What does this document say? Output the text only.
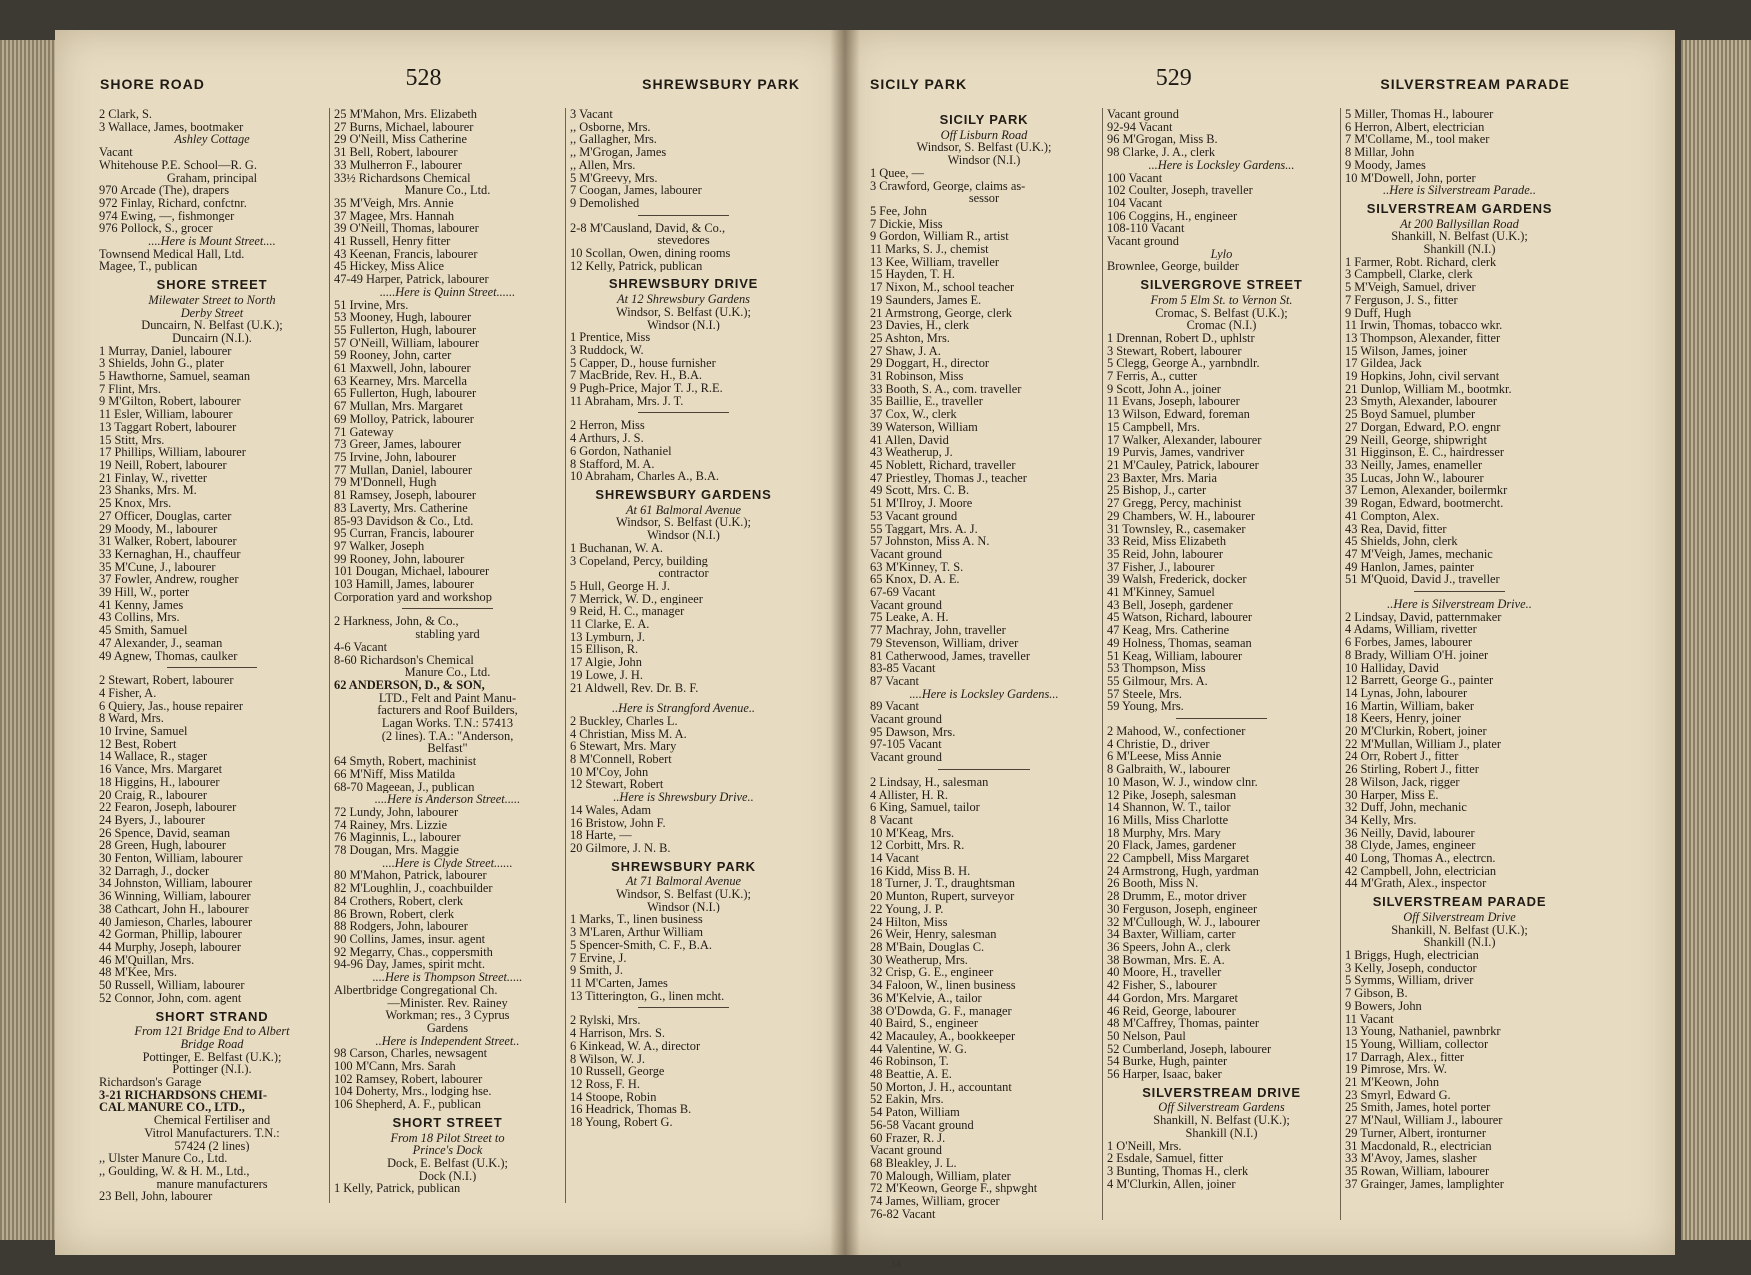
SHORE ROAD	528	SHREWSBURY PARK	SICILY PARK	529	SILVERSTREAM PARADE
2 Clark, S.
3 Wallace, James, bootmaker
Ashley Cottage
Vacant
Whitehouse P.E. School—R. G.
Graham, principal
970 Arcade (The), drapers
972 Finlay, Richard, confctnr.
974 Ewing, —, fishmonger
976 Pollock, S., grocer
....Here is Mount Street....
Townsend Medical Hall, Ltd.
Magee, T., publican
SHORE STREET
Milewater Street to North
Derby Street
Duncairn, N. Belfast (U.K.);
Duncairn (N.I.).
1 Murray, Daniel, labourer
3 Shields, John G., plater
5 Hawthorne, Samuel, seaman
7 Flint, Mrs.
9 M'Gilton, Robert, labourer
11 Esler, William, labourer
13 Taggart Robert, labourer
15 Stitt, Mrs.
17 Phillips, William, labourer
19 Neill, Robert, labourer
21 Finlay, W., rivetter
23 Shanks, Mrs. M.
25 Knox, Mrs.
27 Officer, Douglas, carter
29 Moody, M., labourer
31 Walker, Robert, labourer
33 Kernaghan, H., chauffeur
35 M'Cune, J., labourer
37 Fowler, Andrew, rougher
39 Hill, W., porter
41 Kenny, James
43 Collins, Mrs.
45 Smith, Samuel
47 Alexander, J., seaman
49 Agnew, Thomas, caulker
2 Stewart, Robert, labourer
4 Fisher, A.
6 Quiery, Jas., house repairer
8 Ward, Mrs.
10 Irvine, Samuel
12 Best, Robert
14 Wallace, R., stager
16 Vance, Mrs. Margaret
18 Higgins, H., labourer
20 Craig, R., labourer
22 Fearon, Joseph, labourer
24 Byers, J., labourer
26 Spence, David, seaman
28 Green, Hugh, labourer
30 Fenton, William, labourer
32 Darragh, J., docker
34 Johnston, William, labourer
36 Winning, William, labourer
38 Cathcart, John H., labourer
40 Jamieson, Charles, labourer
42 Gorman, Phillip, labourer
44 Murphy, Joseph, labourer
46 M'Quillan, Mrs.
48 M'Kee, Mrs.
50 Russell, William, labourer
52 Connor, John, com. agent
SHORT STRAND
From 121 Bridge End to Albert
Bridge Road
Pottinger, E. Belfast (U.K.);
Pottinger (N.I.).
Richardson's Garage
3-21 RICHARDSONS CHEMI-
CAL MANURE CO., LTD.,
Chemical Fertiliser and
Vitrol Manufacturers. T.N.:
57424 (2 lines)
,, Ulster Manure Co., Ltd.
,, Goulding, W. & H. M., Ltd.,
manure manufacturers
23 Bell, John, labourer
25 M'Mahon, Mrs. Elizabeth
27 Burns, Michael, labourer
29 O'Neill, Miss Catherine
31 Bell, Robert, labourer
33 Mulherron F., labourer
33½ Richardsons Chemical
Manure Co., Ltd.
35 M'Veigh, Mrs. Annie
37 Magee, Mrs. Hannah
39 O'Neill, Thomas, labourer
41 Russell, Henry fitter
43 Keenan, Francis, labourer
45 Hickey, Miss Alice
47-49 Harper, Patrick, labourer
.....Here is Quinn Street......
51 Irvine, Mrs.
53 Mooney, Hugh, labourer
55 Fullerton, Hugh, labourer
57 O'Neill, William, labourer
59 Rooney, John, carter
61 Maxwell, John, labourer
63 Kearney, Mrs. Marcella
65 Fullerton, Hugh, labourer
67 Mullan, Mrs. Margaret
69 Molloy, Patrick, labourer
71 Gateway
73 Greer, James, labourer
75 Irvine, John, labourer
77 Mullan, Daniel, labourer
79 M'Donnell, Hugh
81 Ramsey, Joseph, labourer
83 Laverty, Mrs. Catherine
85-93 Davidson & Co., Ltd.
95 Curran, Francis, labourer
97 Walker, Joseph
99 Rooney, John, labourer
101 Dougan, Michael, labourer
103 Hamill, James, labourer
Corporation yard and workshop
2 Harkness, John, & Co.,
stabling yard
4-6 Vacant
8-60 Richardson's Chemical
Manure Co., Ltd.
62 ANDERSON, D., & SON,
LTD., Felt and Paint Manu-
facturers and Roof Builders,
Lagan Works. T.N.: 57413
(2 lines). T.A.: "Anderson,
Belfast"
64 Smyth, Robert, machinist
66 M'Niff, Miss Matilda
68-70 Mageean, J., publican
....Here is Anderson Street.....
72 Lundy, John, labourer
74 Rainey, Mrs. Lizzie
76 Maginnis, L., labourer
78 Dougan, Mrs. Maggie
....Here is Clyde Street......
80 M'Mahon, Patrick, labourer
82 M'Loughlin, J., coachbuilder
84 Crothers, Robert, clerk
86 Brown, Robert, clerk
88 Rodgers, John, labourer
90 Collins, James, insur. agent
92 Megarry, Chas., coppersmith
94-96 Day, James, spirit mcht.
....Here is Thompson Street.....
Albertbridge Congregational Ch.
—Minister. Rev. Rainey
Workman; res., 3 Cyprus
Gardens
..Here is Independent Street..
98 Carson, Charles, newsagent
100 M'Cann, Mrs. Sarah
102 Ramsey, Robert, labourer
104 Doherty, Mrs., lodging hse.
106 Shepherd, A. F., publican
SHORT STREET
From 18 Pilot Street to
Prince's Dock
Dock, E. Belfast (U.K.);
Dock (N.I.)
1 Kelly, Patrick, publican
3 Vacant
,, Osborne, Mrs.
,, Gallagher, Mrs.
,, M'Grogan, James
,, Allen, Mrs.
5 M'Greevy, Mrs.
7 Coogan, James, labourer
9 Demolished
2-8 M'Causland, David, & Co.,
stevedores
10 Scollan, Owen, dining rooms
12 Kelly, Patrick, publican
SHREWSBURY DRIVE
At 12 Shrewsbury Gardens
Windsor, S. Belfast (U.K.);
Windsor (N.I.)
1 Prentice, Miss
3 Ruddock, W.
5 Capper, D., house furnisher
7 MacBride, Rev. H., B.A.
9 Pugh-Price, Major T. J., R.E.
11 Abraham, Mrs. J. T.
2 Herron, Miss
4 Arthurs, J. S.
6 Gordon, Nathaniel
8 Stafford, M. A.
10 Abraham, Charles A., B.A.
SHREWSBURY GARDENS
At 61 Balmoral Avenue
Windsor, S. Belfast (U.K.);
Windsor (N.I.)
1 Buchanan, W. A.
3 Copeland, Percy, building
contractor
5 Hull, George H. J.
7 Merrick, W. D., engineer
9 Reid, H. C., manager
11 Clarke, E. A.
13 Lymburn, J.
15 Ellison, R.
17 Algie, John
19 Lowe, J. H.
21 Aldwell, Rev. Dr. B. F.
..Here is Strangford Avenue..
2 Buckley, Charles L.
4 Christian, Miss M. A.
6 Stewart, Mrs. Mary
8 M'Connell, Robert
10 M'Coy, John
12 Stewart, Robert
..Here is Shrewsbury Drive..
14 Wales, Adam
16 Bristow, John F.
18 Harte, —
20 Gilmore, J. N. B.
SHREWSBURY PARK
At 71 Balmoral Avenue
Windsor, S. Belfast (U.K.);
Windsor (N.I.)
1 Marks, T., linen business
3 M'Laren, Arthur William
5 Spencer-Smith, C. F., B.A.
7 Ervine, J.
9 Smith, J.
11 M'Carten, James
13 Titterington, G., linen mcht.
2 Rylski, Mrs.
4 Harrison, Mrs. S.
6 Kinkead, W. A., director
8 Wilson, W. J.
10 Russell, George
12 Ross, F. H.
14 Stoope, Robin
16 Headrick, Thomas B.
18 Young, Robert G.
SICILY PARK
Off Lisburn Road
Windsor, S. Belfast (U.K.);
Windsor (N.I.)
1 Quee, —
3 Crawford, George, claims as-
sessor
5 Fee, John
7 Dickie, Miss
9 Gordon, William R., artist
11 Marks, S. J., chemist
13 Kee, William, traveller
15 Hayden, T. H.
17 Nixon, M., school teacher
19 Saunders, James E.
21 Armstrong, George, clerk
23 Davies, H., clerk
25 Ashton, Mrs.
27 Shaw, J. A.
29 Doggart, H., director
31 Robinson, Miss
33 Booth, S. A., com. traveller
35 Baillie, E., traveller
37 Cox, W., clerk
39 Waterson, William
41 Allen, David
43 Weatherup, J.
45 Noblett, Richard, traveller
47 Priestley, Thomas J., teacher
49 Scott, Mrs. C. B.
51 M'Ilroy, J. Moore
53 Vacant ground
55 Taggart, Mrs. A. J.
57 Johnston, Miss A. N.
Vacant ground
63 M'Kinney, T. S.
65 Knox, D. A. E.
67-69 Vacant
Vacant ground
75 Leake, A. H.
77 Machray, John, traveller
79 Stevenson, William, driver
81 Catherwood, James, traveller
83-85 Vacant
87 Vacant
....Here is Locksley Gardens...
89 Vacant
Vacant ground
95 Dawson, Mrs.
97-105 Vacant
Vacant ground
2 Lindsay, H., salesman
4 Allister, H. R.
6 King, Samuel, tailor
8 Vacant
10 M'Keag, Mrs.
12 Corbitt, Mrs. R.
14 Vacant
16 Kidd, Miss B. H.
18 Turner, J. T., draughtsman
20 Munton, Rupert, surveyor
22 Young, J. P.
24 Hilton, Miss
26 Weir, Henry, salesman
28 M'Bain, Douglas C.
30 Weatherup, Mrs.
32 Crisp, G. E., engineer
34 Faloon, W., linen business
36 M'Kelvie, A., tailor
38 O'Dowda, G. F., manager
40 Baird, S., engineer
42 Macauley, A., bookkeeper
44 Valentine, W. G.
46 Robinson, T.
48 Beattie, A. E.
50 Morton, J. H., accountant
52 Eakin, Mrs.
54 Paton, William
56-58 Vacant ground
60 Frazer, R. J.
Vacant ground
68 Bleakley, J. L.
70 Malough, William, plater
72 M'Keown, George F., shpwght
74 James, William, grocer
76-82 Vacant
Vacant ground
92-94 Vacant
96 M'Grogan, Miss B.
98 Clarke, J. A., clerk
...Here is Locksley Gardens...
100 Vacant
102 Coulter, Joseph, traveller
104 Vacant
106 Coggins, H., engineer
108-110 Vacant
Vacant ground
Lylo
Brownlee, George, builder
SILVERGROVE STREET
From 5 Elm St. to Vernon St.
Cromac, S. Belfast (U.K.);
Cromac (N.I.)
1 Drennan, Robert D., uphlstr
3 Stewart, Robert, labourer
5 Clegg, George A., yarnbndlr.
7 Ferris, A., cutter
9 Scott, John A., joiner
11 Evans, Joseph, labourer
13 Wilson, Edward, foreman
15 Campbell, Mrs.
17 Walker, Alexander, labourer
19 Purvis, James, vandriver
21 M'Cauley, Patrick, labourer
23 Baxter, Mrs. Maria
25 Bishop, J., carter
27 Gregg, Percy, machinist
29 Chambers, W. H., labourer
31 Townsley, R., casemaker
33 Reid, Miss Elizabeth
35 Reid, John, labourer
37 Fisher, J., labourer
39 Walsh, Frederick, docker
41 M'Kinney, Samuel
43 Bell, Joseph, gardener
45 Watson, Richard, labourer
47 Keag, Mrs. Catherine
49 Holness, Thomas, seaman
51 Keag, William, labourer
53 Thompson, Miss
55 Gilmour, Mrs. A.
57 Steele, Mrs.
59 Young, Mrs.
2 Mahood, W., confectioner
4 Christie, D., driver
6 M'Leese, Miss Annie
8 Galbraith, W., labourer
10 Mason, W. J., window clnr.
12 Pike, Joseph, salesman
14 Shannon, W. T., tailor
16 Mills, Miss Charlotte
18 Murphy, Mrs. Mary
20 Flack, James, gardener
22 Campbell, Miss Margaret
24 Armstrong, Hugh, yardman
26 Booth, Miss N.
28 Drumm, E., motor driver
30 Ferguson, Joseph, engineer
32 M'Cullough, W. J., labourer
34 Baxter, William, carter
36 Speers, John A., clerk
38 Bowman, Mrs. E. A.
40 Moore, H., traveller
42 Fisher, S., labourer
44 Gordon, Mrs. Margaret
46 Reid, George, labourer
48 M'Caffrey, Thomas, painter
50 Nelson, Paul
52 Cumberland, Joseph, labourer
54 Burke, Hugh, painter
56 Harper, Isaac, baker
SILVERSTREAM DRIVE
Off Silverstream Gardens
Shankill, N. Belfast (U.K.);
Shankill (N.I.)
1 O'Neill, Mrs.
2 Esdale, Samuel, fitter
3 Bunting, Thomas H., clerk
4 M'Clurkin, Allen, joiner
5 Miller, Thomas H., labourer
6 Herron, Albert, electrician
7 M'Collame, M., tool maker
8 Millar, John
9 Moody, James
10 M'Dowell, John, porter
..Here is Silverstream Parade..
SILVERSTREAM GARDENS
At 200 Ballysillan Road
Shankill, N. Belfast (U.K.);
Shankill (N.I.)
1 Farmer, Robt. Richard, clerk
3 Campbell, Clarke, clerk
5 M'Veigh, Samuel, driver
7 Ferguson, J. S., fitter
9 Duff, Hugh
11 Irwin, Thomas, tobacco wkr.
13 Thompson, Alexander, fitter
15 Wilson, James, joiner
17 Gildea, Jack
19 Hopkins, John, civil servant
21 Dunlop, William M., bootmkr.
23 Smyth, Alexander, labourer
25 Boyd Samuel, plumber
27 Dorgan, Edward, P.O. engnr
29 Neill, George, shipwright
31 Higginson, E. C., hairdresser
33 Neilly, James, enameller
35 Lucas, John W., labourer
37 Lemon, Alexander, boilermkr
39 Rogan, Edward, bootmercht.
41 Compton, Alex.
43 Rea, David, fitter
45 Shields, John, clerk
47 M'Veigh, James, mechanic
49 Hanlon, James, painter
51 M'Quoid, David J., traveller
..Here is Silverstream Drive..
2 Lindsay, David, patternmaker
4 Adams, William, rivetter
6 Forbes, James, labourer
8 Brady, William O'H. joiner
10 Halliday, David
12 Barrett, George G., painter
14 Lynas, John, labourer
16 Martin, William, baker
18 Keers, Henry, joiner
20 M'Clurkin, Robert, joiner
22 M'Mullan, William J., plater
24 Orr, Robert J., fitter
26 Stirling, Robert J., fitter
28 Wilson, Jack, rigger
30 Harper, Miss E.
32 Duff, John, mechanic
34 Kelly, Mrs.
36 Neilly, David, labourer
38 Clyde, James, engineer
40 Long, Thomas A., electrcn.
42 Campbell, John, electrician
44 M'Grath, Alex., inspector
SILVERSTREAM PARADE
Off Silverstream Drive
Shankill, N. Belfast (U.K.);
Shankill (N.I.)
1 Briggs, Hugh, electrician
3 Kelly, Joseph, conductor
5 Symms, William, driver
7 Gibson, B.
9 Bowers, John
11 Vacant
13 Young, Nathaniel, pawnbrkr
15 Young, William, collector
17 Darragh, Alex., fitter
19 Pimrose, Mrs. W.
21 M'Keown, John
23 Smyrl, Edward G.
25 Smith, James, hotel porter
27 M'Naul, William J., labourer
29 Turner, Albert, ironturner
31 Macdonald, R., electrician
33 M'Avoy, James, slasher
35 Rowan, William, labourer
37 Grainger, James, lamplighter
34
